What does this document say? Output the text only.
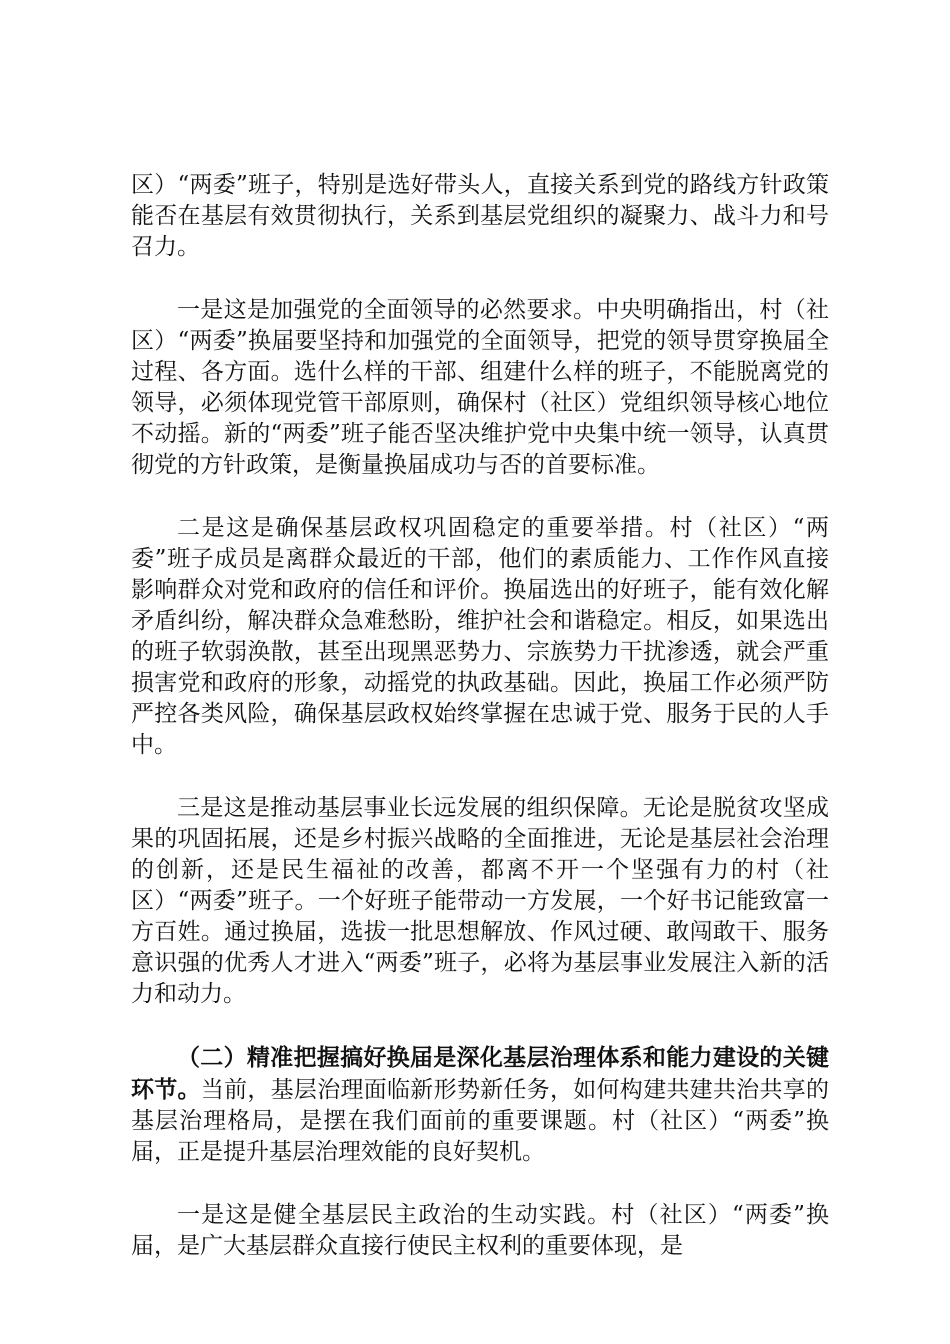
区）“两委”班子，特别是选好带头人，直接关系到党的路线方针政策能否在基层有效贯彻执行，关系到基层党组织的凝聚力、战斗力和号召力。

一是这是加强党的全面领导的必然要求。中央明确指出，村（社区）“两委”换届要坚持和加强党的全面领导，把党的领导贯穿换届全过程、各方面。选什么样的干部、组建什么样的班子，不能脱离党的领导，必须体现党管干部原则，确保村（社区）党组织领导核心地位不动摇。新的“两委”班子能否坚决维护党中央集中统一领导，认真贯彻党的方针政策，是衡量换届成功与否的首要标准。

二是这是确保基层政权巩固稳定的重要举措。村（社区）“两委”班子成员是离群众最近的干部，他们的素质能力、工作作风直接影响群众对党和政府的信任和评价。换届选出的好班子，能有效化解矛盾纠纷，解决群众急难愁盼，维护社会和谐稳定。相反，如果选出的班子软弱涣散，甚至出现黑恶势力、宗族势力干扰渗透，就会严重损害党和政府的形象，动摇党的执政基础。因此，换届工作必须严防严控各类风险，确保基层政权始终掌握在忠诚于党、服务于民的人手中。

三是这是推动基层事业长远发展的组织保障。无论是脱贫攻坚成果的巩固拓展，还是乡村振兴战略的全面推进，无论是基层社会治理的创新，还是民生福祉的改善，都离不开一个坚强有力的村（社区）“两委”班子。一个好班子能带动一方发展，一个好书记能致富一方百姓。通过换届，选拔一批思想解放、作风过硬、敢闯敢干、服务意识强的优秀人才进入“两委”班子，必将为基层事业发展注入新的活力和动力。

（二）精准把握搞好换届是深化基层治理体系和能力建设的关键环节。当前，基层治理面临新形势新任务，如何构建共建共治共享的基层治理格局，是摆在我们面前的重要课题。村（社区）“两委”换届，正是提升基层治理效能的良好契机。

一是这是健全基层民主政治的生动实践。村（社区）“两委”换届，是广大基层群众直接行使民主权利的重要体现，是
